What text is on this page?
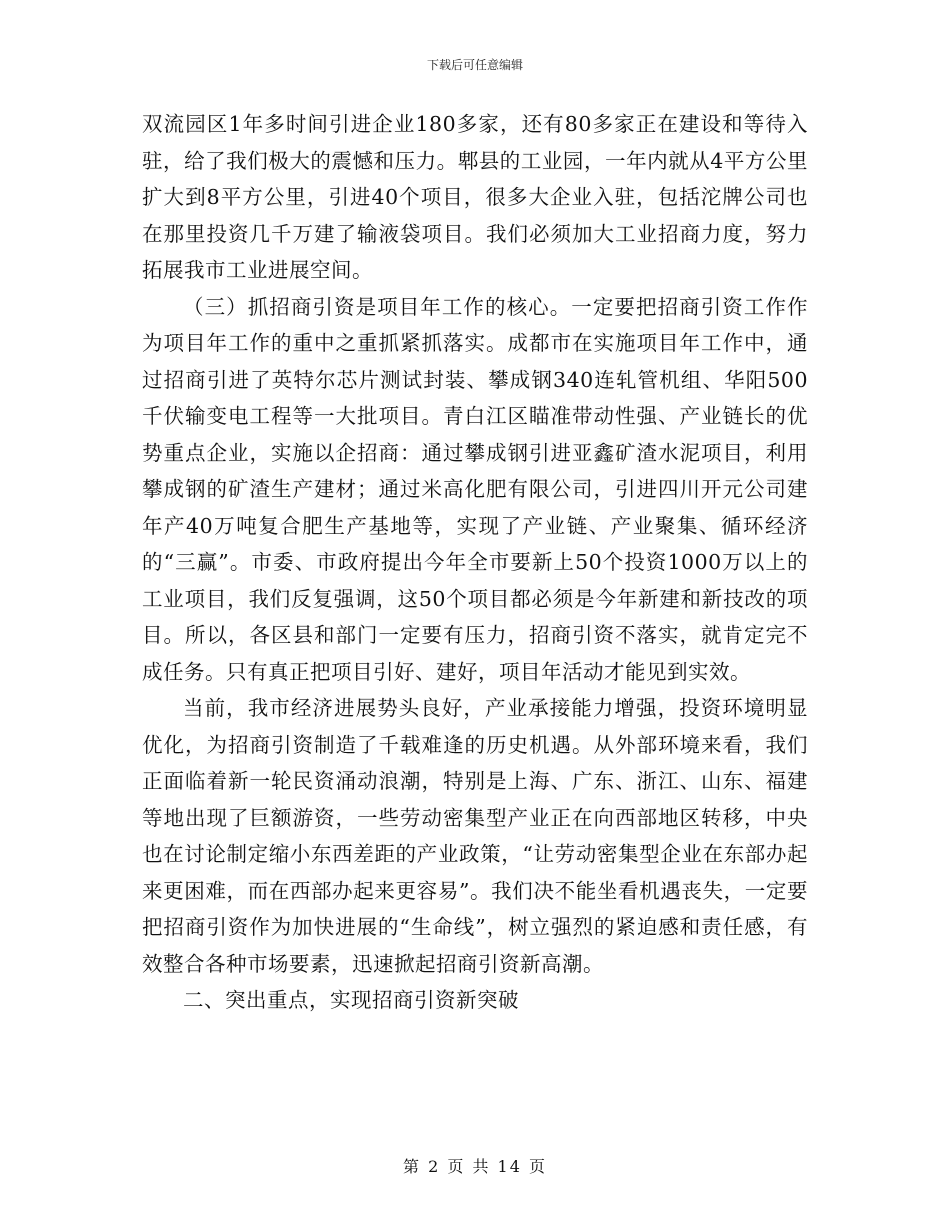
下载后可任意编辑

双流园区1年多时间引进企业180多家，还有80多家正在建设和等待入驻，给了我们极大的震憾和压力。郫县的工业园，一年内就从4平方公里扩大到8平方公里，引进40个项目，很多大企业入驻，包括沱牌公司也在那里投资几千万建了输液袋项目。我们必须加大工业招商力度，努力拓展我市工业进展空间。

（三）抓招商引资是项目年工作的核心。一定要把招商引资工作作为项目年工作的重中之重抓紧抓落实。成都市在实施项目年工作中，通过招商引进了英特尔芯片测试封装、攀成钢340连轧管机组、华阳500千伏输变电工程等一大批项目。青白江区瞄准带动性强、产业链长的优势重点企业，实施以企招商：通过攀成钢引进亚鑫矿渣水泥项目，利用攀成钢的矿渣生产建材；通过米高化肥有限公司，引进四川开元公司建年产40万吨复合肥生产基地等，实现了产业链、产业聚集、循环经济的“三赢”。市委、市政府提出今年全市要新上50个投资1000万以上的工业项目，我们反复强调，这50个项目都必须是今年新建和新技改的项目。所以，各区县和部门一定要有压力，招商引资不落实，就肯定完不成任务。只有真正把项目引好、建好，项目年活动才能见到实效。

当前，我市经济进展势头良好，产业承接能力增强，投资环境明显优化，为招商引资制造了千载难逢的历史机遇。从外部环境来看，我们正面临着新一轮民资涌动浪潮，特别是上海、广东、浙江、山东、福建等地出现了巨额游资，一些劳动密集型产业正在向西部地区转移，中央也在讨论制定缩小东西差距的产业政策，“让劳动密集型企业在东部办起来更困难，而在西部办起来更容易”。我们决不能坐看机遇丧失，一定要把招商引资作为加快进展的“生命线”，树立强烈的紧迫感和责任感，有效整合各种市场要素，迅速掀起招商引资新高潮。

二、突出重点，实现招商引资新突破

第 2 页 共 14 页
